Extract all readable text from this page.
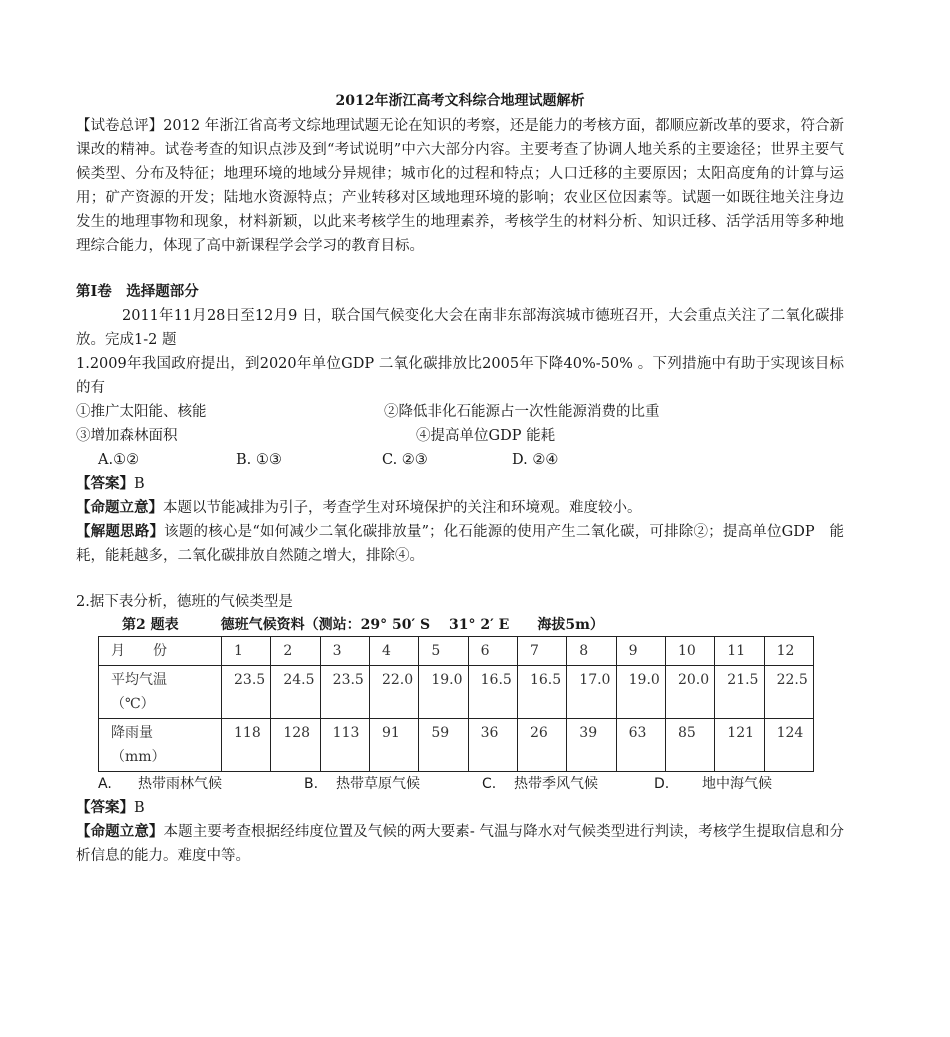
2012年浙江高考文科综合地理试题解析

【试卷总评】2012 年浙江省高考文综地理试题无论在知识的考察，还是能力的考核方面，都顺应新改革的要求，符合新课改的精神。试卷考查的知识点涉及到“考试说明”中六大部分内容。主要考查了协调人地关系的主要途径；世界主要气候类型、分布及特征；地理环境的地域分异规律；城市化的过程和特点；人口迁移的主要原因；太阳高度角的计算与运用；矿产资源的开发；陆地水资源特点；产业转移对区域地理环境的影响；农业区位因素等。试题一如既往地关注身边发生的地理事物和现象，材料新颖，以此来考核学生的地理素养，考核学生的材料分析、知识迁移、活学活用等多种地理综合能力，体现了高中新课程学会学习的教育目标。

第Ⅰ卷　选择题部分

2011年11月28日至12月9 日，联合国气候变化大会在南非东部海滨城市德班召开，大会重点关注了二氧化碳排放。完成1-2 题

1.2009年我国政府提出，到2020年单位GDP 二氧化碳排放比2005年下降40%-50% 。下列措施中有助于实现该目标的有

①推广太阳能、核能	②降低非化石能源占一次性能源消费的比重
③增加森林面积	④提高单位GDP 能耗
A.①②	B. ①③	C. ②③	D. ②④

【答案】B

【命题立意】本题以节能减排为引子，考查学生对环境保护的关注和环境观。难度较小。

【解题思路】该题的核心是“如何减少二氧化碳排放量”；化石能源的使用产生二氧化碳，可排除②；提高单位GDP　能耗，能耗越多，二氧化碳排放自然随之增大，排除④。

2.据下表分析，德班的气候类型是

第2 题表　　　德班气候资料（测站：29° 50′ S　 31° 2′ E　　海拔5m）
月　　份	1	2	3	4	5	6	7	8	9	10	11	12

平均气温
（℃）	23.5	24.5	23.5	22.0	19.0	16.5	16.5	17.0	19.0	20.0	21.5	22.5

降雨量
（mm）	118	128	113	91	59	36	26	39	63	85	121	124
A.	热带雨林气候	B.	热带草原气候	C.	热带季风气候	D.	地中海气候

【答案】B

【命题立意】本题主要考查根据经纬度位置及气候的两大要素- 气温与降水对气候类型进行判读，考核学生提取信息和分析信息的能力。难度中等。
